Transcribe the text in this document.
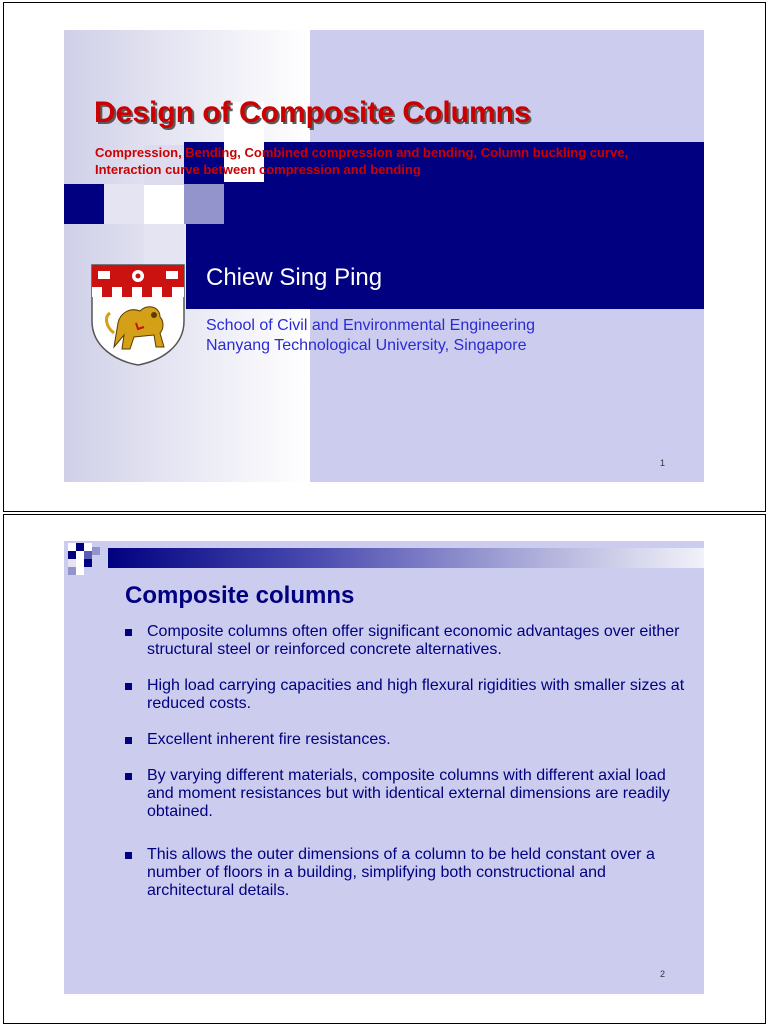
Design of Composite Columns
Compression, Bending, Combined compression and bending, Column buckling curve, Interaction curve between compression and bending
Chiew Sing Ping
School of Civil and Environmental Engineering
Nanyang Technological University, Singapore
1
Composite columns
Composite columns often offer significant economic advantages over either structural steel or reinforced concrete alternatives.
High load carrying capacities and high flexural rigidities with smaller sizes at reduced costs.
Excellent inherent fire resistances.
By varying different materials, composite columns with different axial load and moment resistances but with identical external dimensions are readily obtained.
This allows the outer dimensions of a column to be held constant over a number of floors in a building, simplifying both constructional and architectural details.
2
